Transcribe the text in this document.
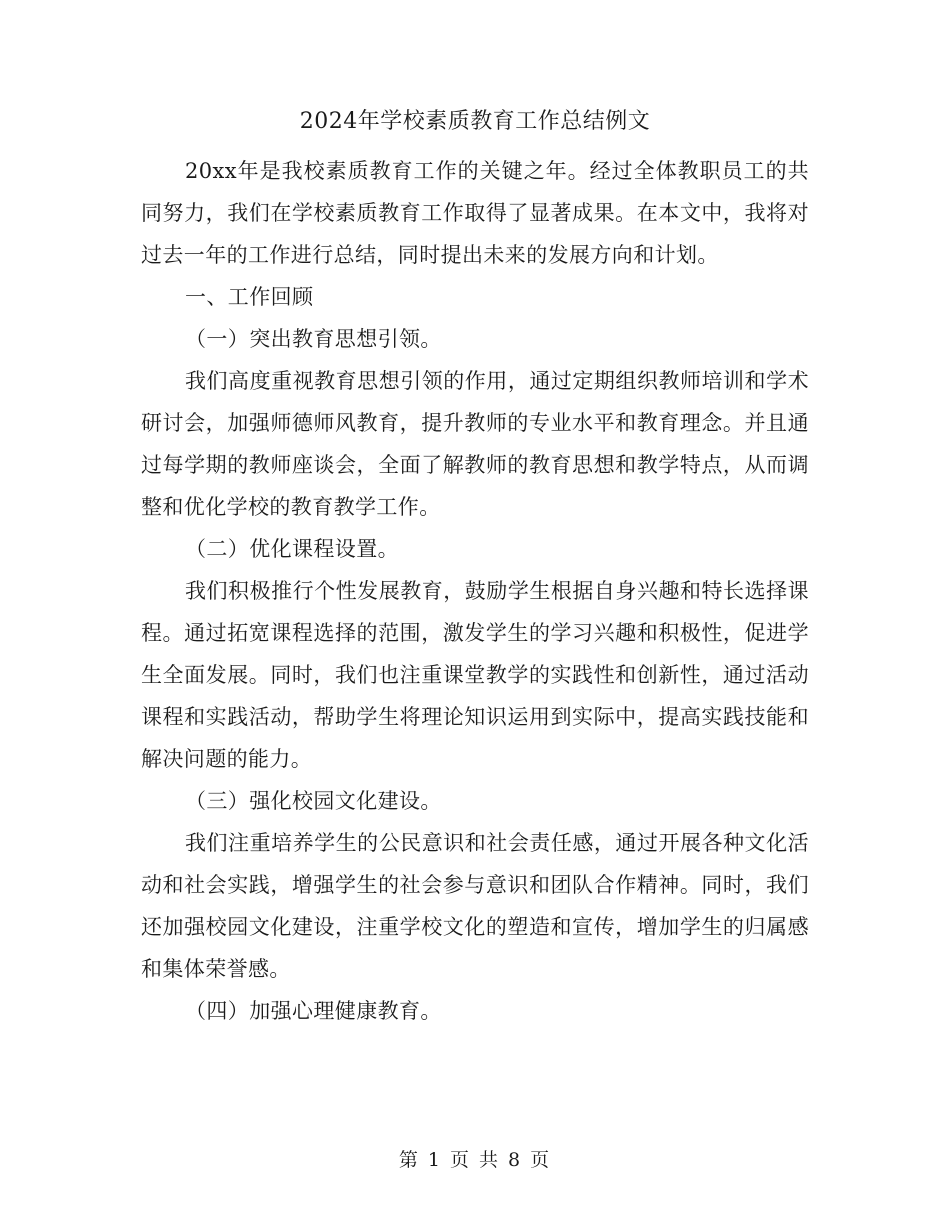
2024年学校素质教育工作总结例文

20xx年是我校素质教育工作的关键之年。经过全体教职员工的共同努力，我们在学校素质教育工作取得了显著成果。在本文中，我将对过去一年的工作进行总结，同时提出未来的发展方向和计划。

一、工作回顾

（一）突出教育思想引领。

我们高度重视教育思想引领的作用，通过定期组织教师培训和学术研讨会，加强师德师风教育，提升教师的专业水平和教育理念。并且通过每学期的教师座谈会，全面了解教师的教育思想和教学特点，从而调整和优化学校的教育教学工作。

（二）优化课程设置。

我们积极推行个性发展教育，鼓励学生根据自身兴趣和特长选择课程。通过拓宽课程选择的范围，激发学生的学习兴趣和积极性，促进学生全面发展。同时，我们也注重课堂教学的实践性和创新性，通过活动课程和实践活动，帮助学生将理论知识运用到实际中，提高实践技能和解决问题的能力。

（三）强化校园文化建设。

我们注重培养学生的公民意识和社会责任感，通过开展各种文化活动和社会实践，增强学生的社会参与意识和团队合作精神。同时，我们还加强校园文化建设，注重学校文化的塑造和宣传，增加学生的归属感和集体荣誉感。

（四）加强心理健康教育。

第 1 页 共 8 页
